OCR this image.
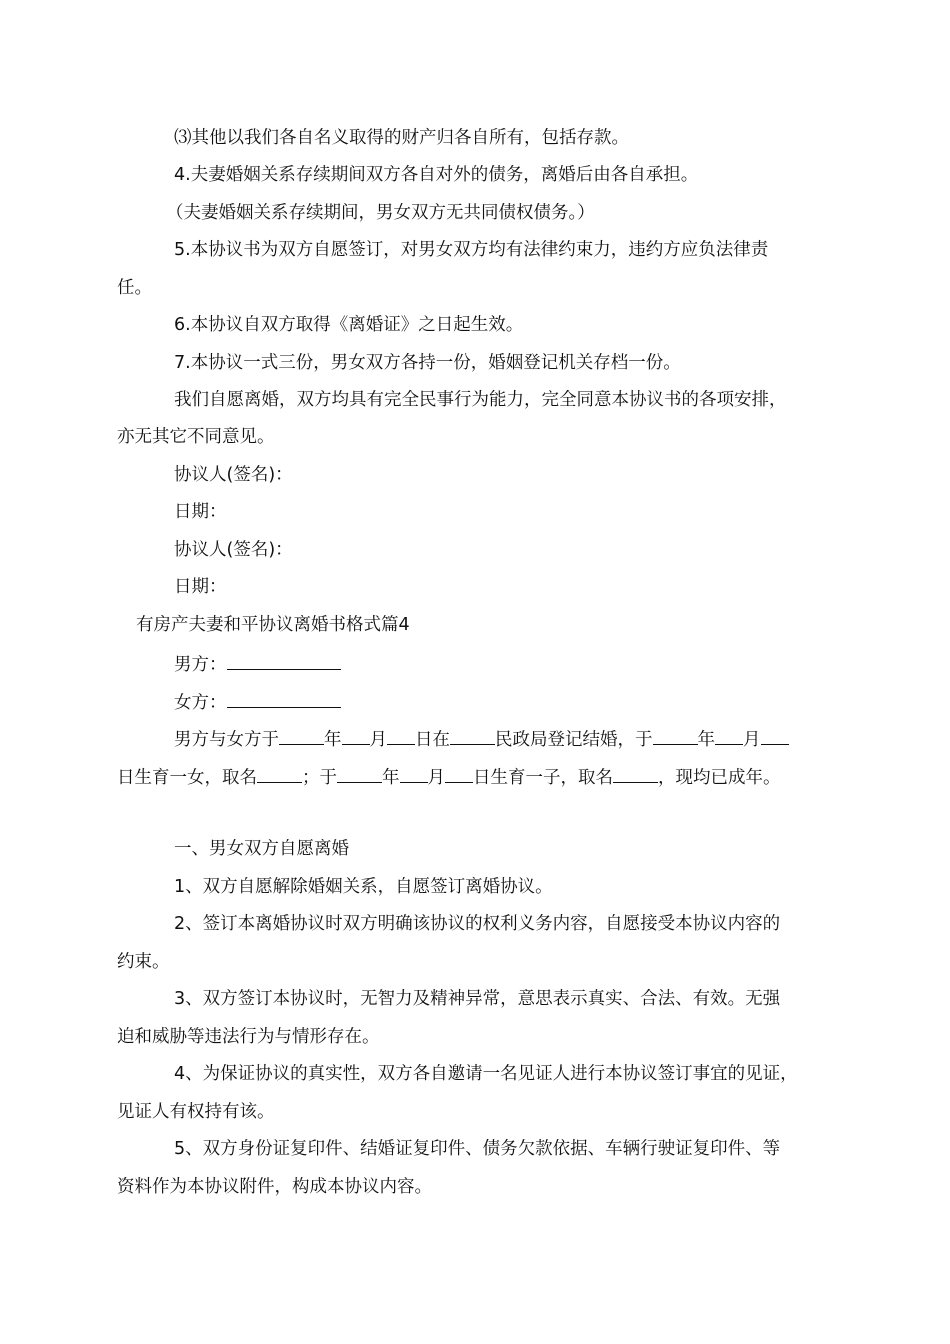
⑶其他以我们各自名义取得的财产归各自所有，包括存款。
4.夫妻婚姻关系存续期间双方各自对外的债务，离婚后由各自承担。
（夫妻婚姻关系存续期间，男女双方无共同债权债务。）
5.本协议书为双方自愿签订，对男女双方均有法律约束力，违约方应负法律责
任。
6.本协议自双方取得《离婚证》之日起生效。
7.本协议一式三份，男女双方各持一份，婚姻登记机关存档一份。
我们自愿离婚，双方均具有完全民事行为能力，完全同意本协议书的各项安排，
亦无其它不同意见。
协议人(签名)：
日期：
协议人(签名)：
日期：
有房产夫妻和平协议离婚书格式篇4
男方：
女方：
男方与女方于	年 月 日在	民政局登记结婚，于	年 月
日生育一女，取名	；于	年 月 日生育一子，取名	，现均已成年。
一、男女双方自愿离婚
1、双方自愿解除婚姻关系，自愿签订离婚协议。
2、签订本离婚协议时双方明确该协议的权利义务内容，自愿接受本协议内容的
约束。
3、双方签订本协议时，无智力及精神异常，意思表示真实、合法、有效。无强
迫和威胁等违法行为与情形存在。
4、为保证协议的真实性，双方各自邀请一名见证人进行本协议签订事宜的见证，
见证人有权持有该。
5、双方身份证复印件、结婚证复印件、债务欠款依据、车辆行驶证复印件、等
资料作为本协议附件，构成本协议内容。
